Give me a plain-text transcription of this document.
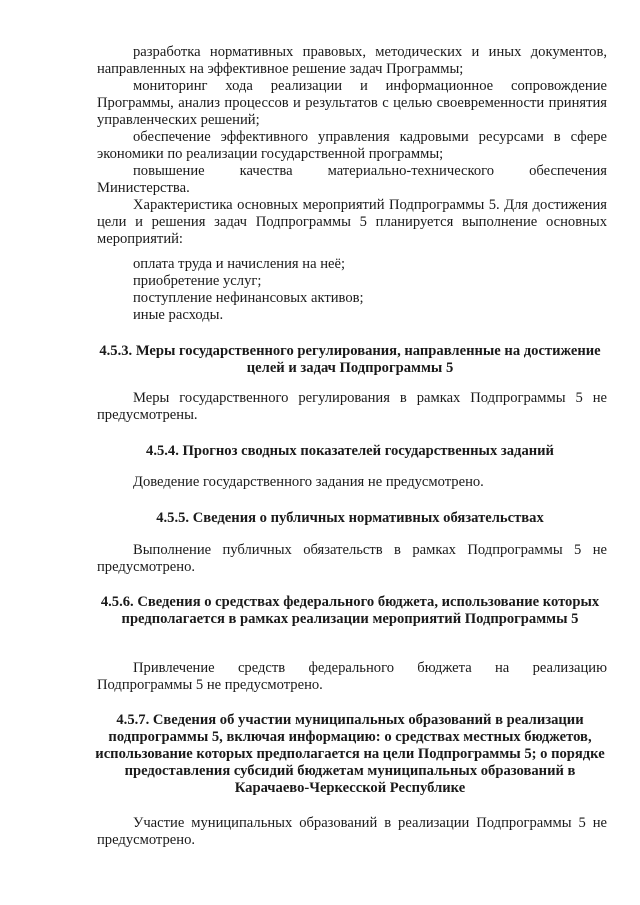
разработка нормативных правовых, методических и иных документов, направленных на эффективное решение задач Программы;

мониторинг хода реализации и информационное сопровождение Программы, анализ процессов и результатов с целью своевременности принятия управленческих решений;

обеспечение эффективного управления кадровыми ресурсами в сфере экономики по реализации государственной программы;

повышение качества материально-технического обеспечения Министерства.

Характеристика основных мероприятий Подпрограммы 5. Для достижения цели и решения задач Подпрограммы 5 планируется выполнение основных мероприятий:

оплата труда и начисления на неё;

приобретение услуг;

поступление нефинансовых активов;

иные расходы.

4.5.3. Меры государственного регулирования, направленные на достижение целей и задач Подпрограммы 5

Меры государственного регулирования в рамках Подпрограммы 5 не предусмотрены.

4.5.4. Прогноз сводных показателей государственных заданий

Доведение государственного задания не предусмотрено.

4.5.5. Сведения о публичных нормативных обязательствах

Выполнение публичных обязательств в рамках Подпрограммы 5 не предусмотрено.

4.5.6. Сведения о средствах федерального бюджета, использование которых предполагается в рамках реализации мероприятий Подпрограммы 5

Привлечение средств федерального бюджета на реализацию Подпрограммы 5 не предусмотрено.

4.5.7. Сведения об участии муниципальных образований в реализации подпрограммы 5, включая информацию: о средствах местных бюджетов, использование которых предполагается на цели Подпрограммы 5; о порядке предоставления субсидий бюджетам муниципальных образований в Карачаево-Черкесской Республике

Участие муниципальных образований в реализации Подпрограммы 5 не предусмотрено.
